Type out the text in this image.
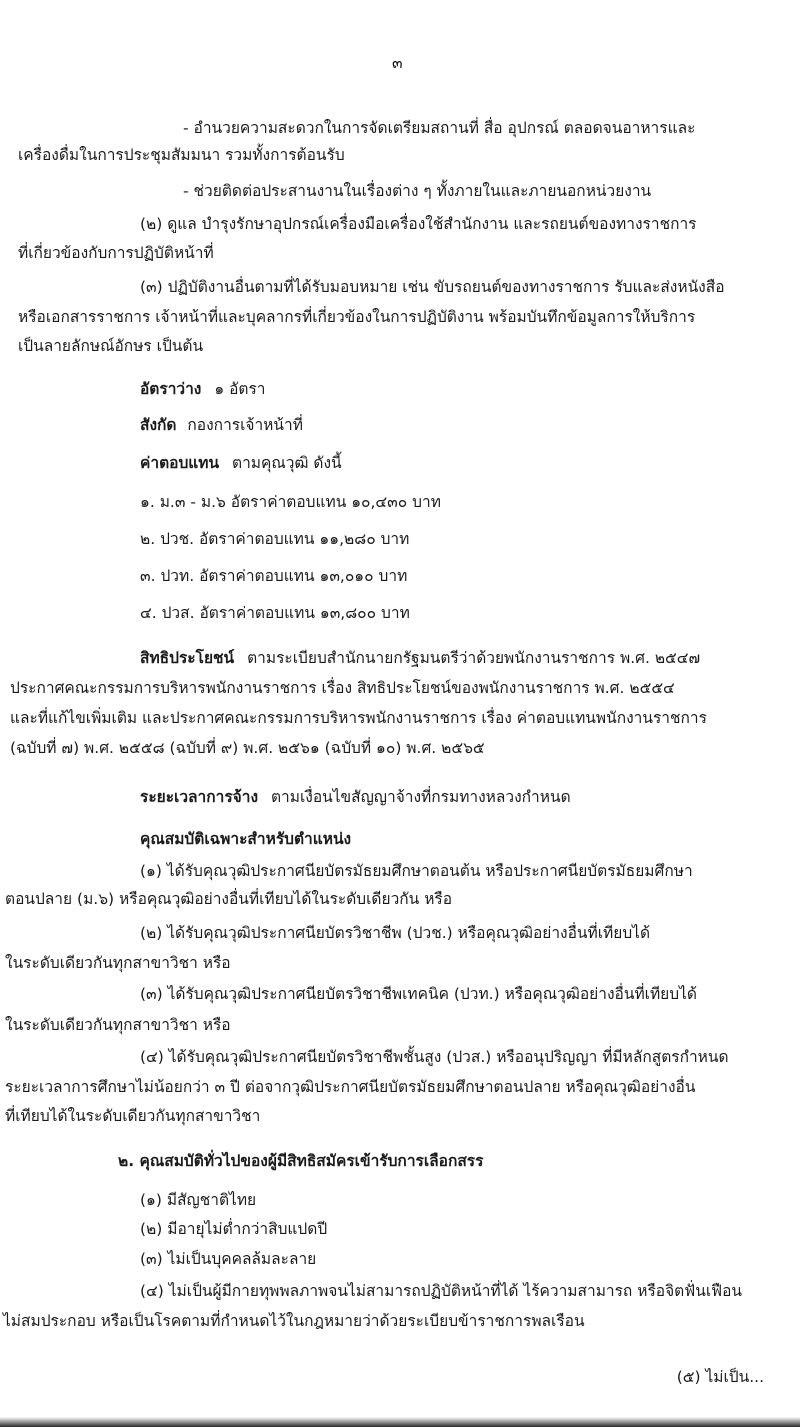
๓
- อำนวยความสะดวกในการจัดเตรียมสถานที่ สื่อ อุปกรณ์ ตลอดจนอาหารและ
เครื่องดื่มในการประชุมสัมมนา รวมทั้งการต้อนรับ
- ช่วยติดต่อประสานงานในเรื่องต่าง ๆ ทั้งภายในและภายนอกหน่วยงาน
(๒) ดูแล บำรุงรักษาอุปกรณ์เครื่องมือเครื่องใช้สำนักงาน และรถยนต์ของทางราชการ
ที่เกี่ยวข้องกับการปฏิบัติหน้าที่
(๓) ปฏิบัติงานอื่นตามที่ได้รับมอบหมาย เช่น ขับรถยนต์ของทางราชการ รับและส่งหนังสือ
หรือเอกสารราชการ เจ้าหน้าที่และบุคลากรที่เกี่ยวข้องในการปฏิบัติงาน พร้อมบันทึกข้อมูลการให้บริการ
เป็นลายลักษณ์อักษร เป็นต้น
อัตราว่าง ๑ อัตรา
สังกัด กองการเจ้าหน้าที่
ค่าตอบแทน ตามคุณวุฒิ ดังนี้
๑. ม.๓ - ม.๖ อัตราค่าตอบแทน ๑๐,๔๓๐ บาท
๒. ปวช. อัตราค่าตอบแทน ๑๑,๒๘๐ บาท
๓. ปวท. อัตราค่าตอบแทน ๑๓,๐๑๐ บาท
๔. ปวส. อัตราค่าตอบแทน ๑๓,๘๐๐ บาท
สิทธิประโยชน์ ตามระเบียบสำนักนายกรัฐมนตรีว่าด้วยพนักงานราชการ พ.ศ. ๒๕๔๗
ประกาศคณะกรรมการบริหารพนักงานราชการ เรื่อง สิทธิประโยชน์ของพนักงานราชการ พ.ศ. ๒๕๕๔
และที่แก้ไขเพิ่มเติม และประกาศคณะกรรมการบริหารพนักงานราชการ เรื่อง ค่าตอบแทนพนักงานราชการ
(ฉบับที่ ๗) พ.ศ. ๒๕๕๘ (ฉบับที่ ๙) พ.ศ. ๒๕๖๑ (ฉบับที่ ๑๐) พ.ศ. ๒๕๖๕
ระยะเวลาการจ้าง ตามเงื่อนไขสัญญาจ้างที่กรมทางหลวงกำหนด
คุณสมบัติเฉพาะสำหรับตำแหน่ง
(๑) ได้รับคุณวุฒิประกาศนียบัตรมัธยมศึกษาตอนต้น หรือประกาศนียบัตรมัธยมศึกษา
ตอนปลาย (ม.๖) หรือคุณวุฒิอย่างอื่นที่เทียบได้ในระดับเดียวกัน หรือ
(๒) ได้รับคุณวุฒิประกาศนียบัตรวิชาชีพ (ปวช.) หรือคุณวุฒิอย่างอื่นที่เทียบได้
ในระดับเดียวกันทุกสาขาวิชา หรือ
(๓) ได้รับคุณวุฒิประกาศนียบัตรวิชาชีพเทคนิค (ปวท.) หรือคุณวุฒิอย่างอื่นที่เทียบได้
ในระดับเดียวกันทุกสาขาวิชา หรือ
(๔) ได้รับคุณวุฒิประกาศนียบัตรวิชาชีพชั้นสูง (ปวส.) หรืออนุปริญญา ที่มีหลักสูตรกำหนด
ระยะเวลาการศึกษาไม่น้อยกว่า ๓ ปี ต่อจากวุฒิประกาศนียบัตรมัธยมศึกษาตอนปลาย หรือคุณวุฒิอย่างอื่น
ที่เทียบได้ในระดับเดียวกันทุกสาขาวิชา
๒. คุณสมบัติทั่วไปของผู้มีสิทธิสมัครเข้ารับการเลือกสรร
(๑) มีสัญชาติไทย
(๒) มีอายุไม่ต่ำกว่าสิบแปดปี
(๓) ไม่เป็นบุคคลล้มละลาย
(๔) ไม่เป็นผู้มีกายทุพพลภาพจนไม่สามารถปฏิบัติหน้าที่ได้ ไร้ความสามารถ หรือจิตฟั่นเฟือน
ไม่สมประกอบ หรือเป็นโรคตามที่กำหนดไว้ในกฎหมายว่าด้วยระเบียบข้าราชการพลเรือน
(๕) ไม่เป็น...
